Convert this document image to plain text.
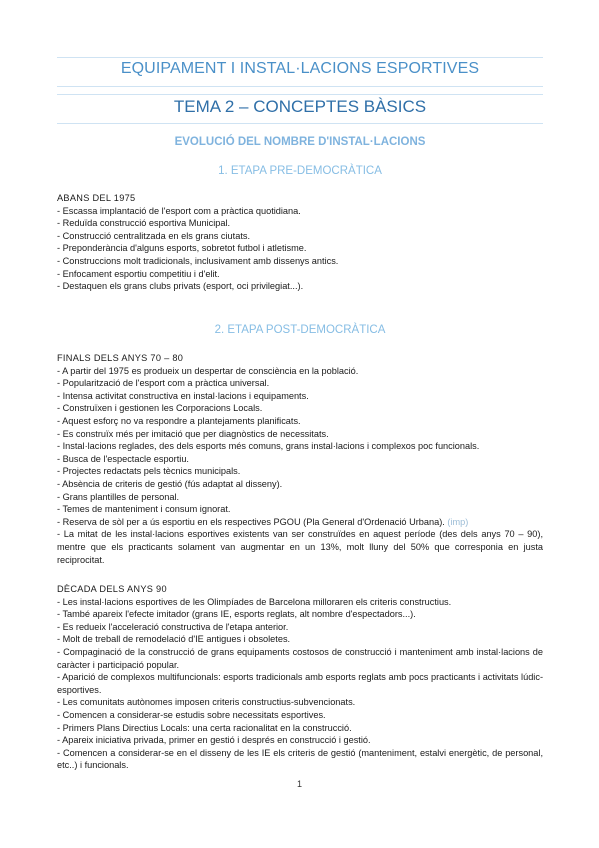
EQUIPAMENT I INSTAL·LACIONS ESPORTIVES
TEMA 2 – CONCEPTES BÀSICS
EVOLUCIÓ DEL NOMBRE D'INSTAL·LACIONS
1. ETAPA PRE-DEMOCRÀTICA
ABANS DEL 1975
- Escassa implantació de l'esport com a pràctica quotidiana.
- Reduïda construcció esportiva Municipal.
- Construcció centralitzada en els grans ciutats.
- Preponderància d'alguns esports, sobretot futbol i atletisme.
- Construccions molt tradicionals, inclusivament amb dissenys antics.
- Enfocament esportiu competitiu i d'elit.
- Destaquen els grans clubs privats (esport, oci privilegiat...).
2. ETAPA POST-DEMOCRÀTICA
FINALS DELS ANYS 70 – 80
- A partir del 1975 es produeix un despertar de consciència en la població.
- Popularització de l'esport com a pràctica universal.
- Intensa activitat constructiva en instal·lacions i equipaments.
- Construïxen i gestionen les Corporacions Locals.
- Aquest esforç no va respondre a plantejaments planificats.
- Es construïx més per imitació que per diagnòstics de necessitats.
- Instal·lacions reglades, des dels esports més comuns, grans instal·lacions i complexos poc funcionals.
- Busca de l'espectacle esportiu.
- Projectes redactats pels tècnics municipals.
- Absència de criteris de gestió (fús adaptat al disseny).
- Grans plantilles de personal.
- Temes de manteniment i consum ignorat.
- Reserva de sòl per a ús esportiu en els respectives PGOU (Pla General d'Ordenació Urbana). (imp)
- La mitat de les instal·lacions esportives existents van ser construïdes en aquest període (des dels anys 70 – 90), mentre que els practicants solament van augmentar en un 13%, molt lluny del 50% que corresponia en justa reciprocitat.
DÈCADA DELS ANYS 90
- Les instal·lacions esportives de les Olimpíades de Barcelona milloraren els criteris constructius.
- També apareix l'efecte imitador (grans IE, esports reglats, alt nombre d'espectadors...).
- Es redueix l'acceleració constructiva de l'etapa anterior.
- Molt de treball de remodelació d'IE antigues i obsoletes.
- Compaginació de la construcció de grans equipaments costosos de construcció i manteniment amb instal·lacions de caràcter i participació popular.
- Aparició de complexos multifuncionals: esports tradicionals amb esports reglats amb pocs practicants i activitats lúdic-esportives.
- Les comunitats autònomes imposen criteris constructius-subvencionats.
- Comencen a considerar-se estudis sobre necessitats esportives.
- Primers Plans Directius Locals: una certa racionalitat en la construcció.
- Apareix iniciativa privada, primer en gestió i després en construcció i gestió.
- Comencen a considerar-se en el disseny de les IE els criteris de gestió (manteniment, estalvi energètic, de personal, etc..) i funcionals.
1
